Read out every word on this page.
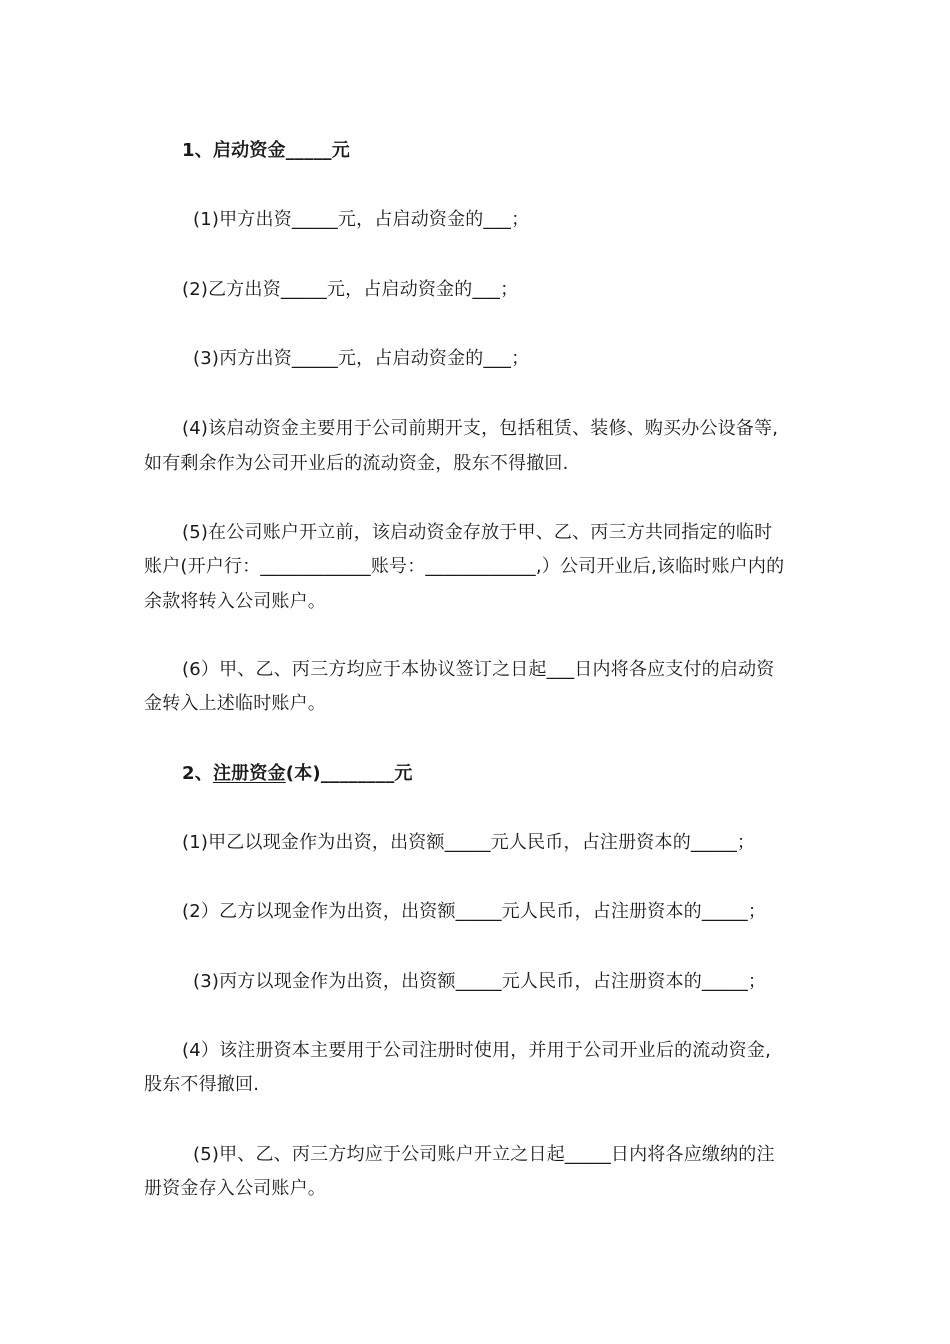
1、启动资金_____元
(1)甲方出资_____元，占启动资金的___；
(2)乙方出资_____元，占启动资金的___；
(3)丙方出资_____元，占启动资金的___；
(4)该启动资金主要用于公司前期开支，包括租赁、装修、购买办公设备等,
如有剩余作为公司开业后的流动资金，股东不得撤回.
(5)在公司账户开立前，该启动资金存放于甲、乙、丙三方共同指定的临时
账户(开户行：____________账号：____________,）公司开业后,该临时账户内的
余款将转入公司账户。
(6）甲、乙、丙三方均应于本协议签订之日起___日内将各应支付的启动资
金转入上述临时账户。
2、注册资金(本)________元
(1)甲乙以现金作为出资，出资额_____元人民币，占注册资本的_____；
(2）乙方以现金作为出资，出资额_____元人民币，占注册资本的_____；
(3)丙方以现金作为出资，出资额_____元人民币，占注册资本的_____；
(4）该注册资本主要用于公司注册时使用，并用于公司开业后的流动资金,
股东不得撤回.
(5)甲、乙、丙三方均应于公司账户开立之日起_____日内将各应缴纳的注
册资金存入公司账户。
